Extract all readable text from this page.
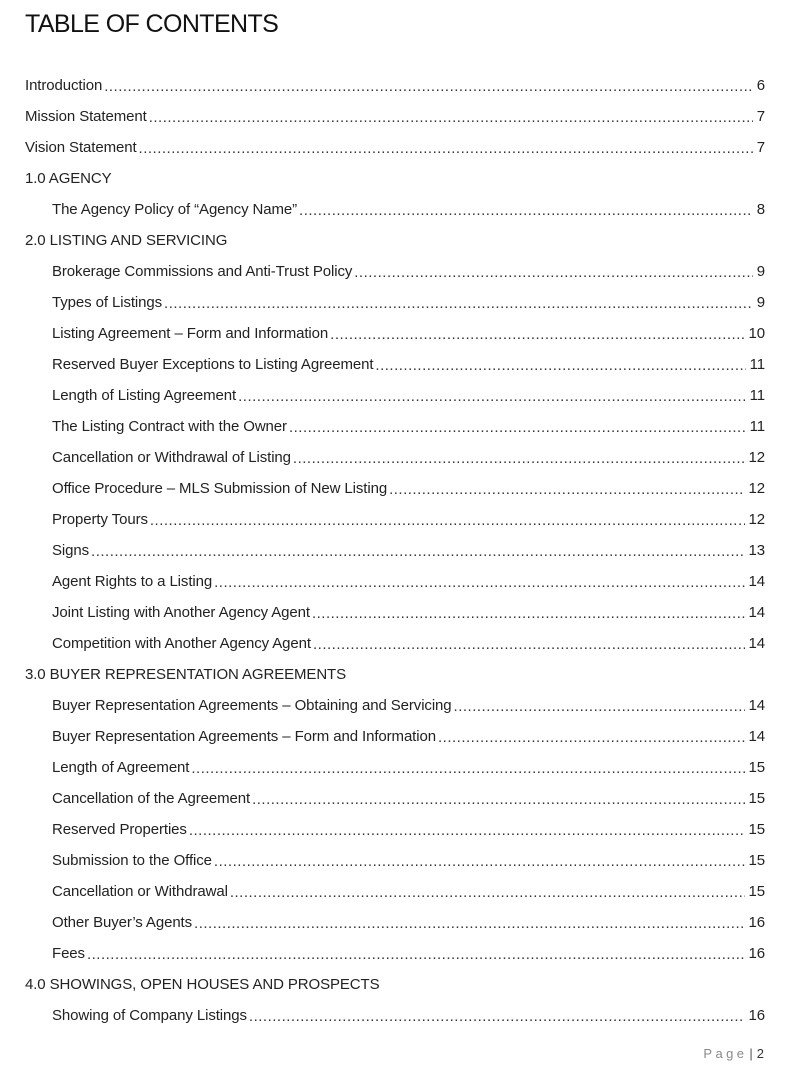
TABLE OF CONTENTS
Introduction .....	6
Mission Statement .....	7
Vision Statement .....	7
1.0 AGENCY
The Agency Policy of “Agency Name” .....	8
2.0 LISTING AND SERVICING
Brokerage Commissions and Anti-Trust Policy .....	9
Types of Listings .....	9
Listing Agreement – Form and Information .....	10
Reserved Buyer Exceptions to Listing Agreement .....	11
Length of Listing Agreement .....	11
The Listing Contract with the Owner .....	11
Cancellation or Withdrawal of Listing .....	12
Office Procedure – MLS Submission of New Listing .....	12
Property Tours .....	12
Signs .....	13
Agent Rights to a Listing .....	14
Joint Listing with Another Agency Agent .....	14
Competition with Another Agency Agent .....	14
3.0 BUYER REPRESENTATION AGREEMENTS
Buyer Representation Agreements – Obtaining and Servicing .....	14
Buyer Representation Agreements – Form and Information .....	14
Length of Agreement .....	15
Cancellation of the Agreement .....	15
Reserved Properties .....	15
Submission to the Office .....	15
Cancellation or Withdrawal .....	15
Other Buyer’s Agents .....	16
Fees .....	16
4.0 SHOWINGS, OPEN HOUSES AND PROSPECTS
Showing of Company Listings .....	16
Page | 2
